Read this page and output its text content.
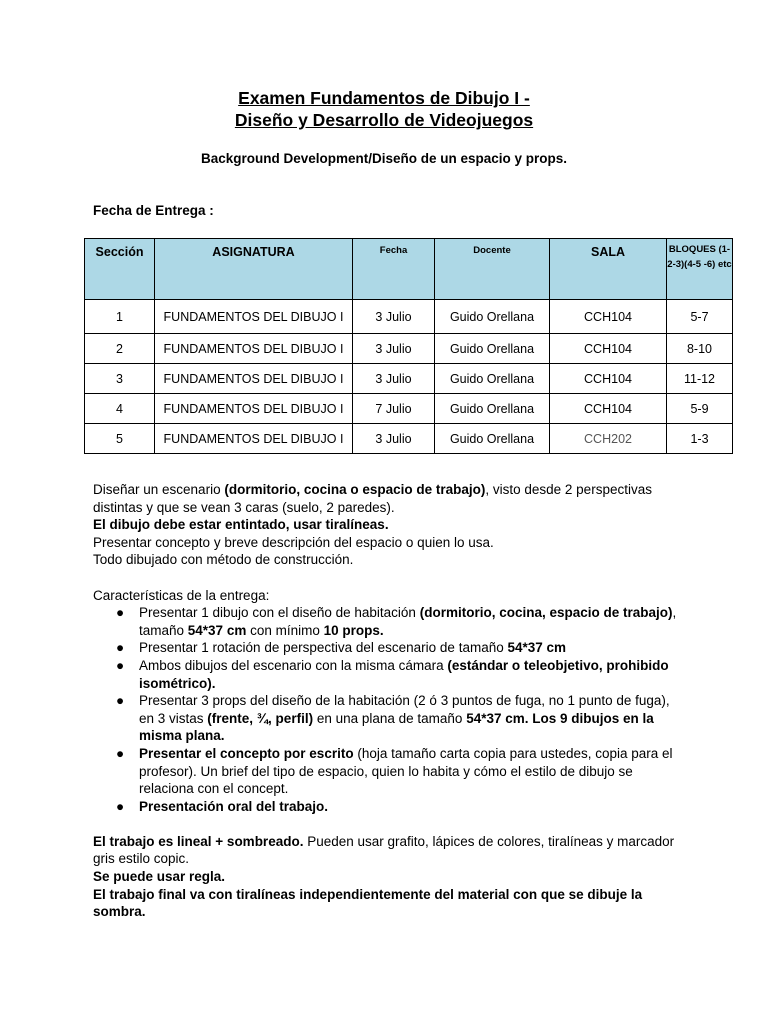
Examen Fundamentos de Dibujo I -
Diseño y Desarrollo de Videojuegos
Background Development/Diseño de un espacio y props.
Fecha de Entrega :
Sección	ASIGNATURA	Fecha	Docente	SALA	BLOQUES (1-2-3)(4-5 -6) etc
1	FUNDAMENTOS DEL DIBUJO I	3 Julio	Guido Orellana	CCH104	5-7
2	FUNDAMENTOS DEL DIBUJO I	3 Julio	Guido Orellana	CCH104	8-10
3	FUNDAMENTOS DEL DIBUJO I	3 Julio	Guido Orellana	CCH104	11-12
4	FUNDAMENTOS DEL DIBUJO I	7 Julio	Guido Orellana	CCH104	5-9
5	FUNDAMENTOS DEL DIBUJO I	3 Julio	Guido Orellana	CCH202	1-3

Diseñar un escenario (dormitorio, cocina o espacio de trabajo), visto desde 2 perspectivas distintas y que se vean 3 caras (suelo, 2 paredes).

El dibujo debe estar entintado, usar tiralíneas.

Presentar concepto y breve descripción del espacio o quien lo usa.

Todo dibujado con método de construcción.

Características de la entrega:

● Presentar 1 dibujo con el diseño de habitación (dormitorio, cocina, espacio de trabajo), tamaño 54*37 cm con mínimo 10 props.
● Presentar 1 rotación de perspectiva del escenario de tamaño 54*37 cm
● Ambos dibujos del escenario con la misma cámara (estándar o teleobjetivo, prohibido isométrico).
● Presentar 3 props del diseño de la habitación (2 ó 3 puntos de fuga, no 1 punto de fuga), en 3 vistas (frente, ¾, perfil) en una plana de tamaño 54*37 cm. Los 9 dibujos en la misma plana.
● Presentar el concepto por escrito (hoja tamaño carta copia para ustedes, copia para el profesor). Un brief del tipo de espacio, quien lo habita y cómo el estilo de dibujo se relaciona con el concept.
● Presentación oral del trabajo.

El trabajo es lineal + sombreado. Pueden usar grafito, lápices de colores, tiralíneas y marcador gris estilo copic.

Se puede usar regla.

El trabajo final va con tiralíneas independientemente del material con que se dibuje la sombra.
